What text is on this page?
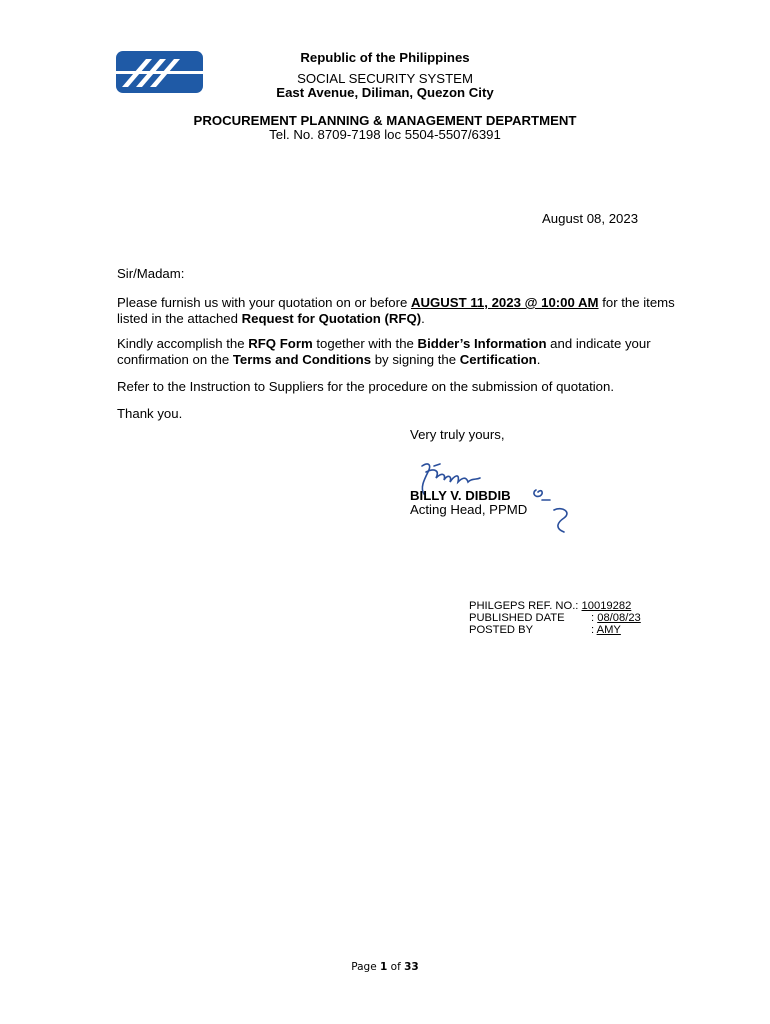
Republic of the Philippines
SOCIAL SECURITY SYSTEM
East Avenue, Diliman, Quezon City
PROCUREMENT PLANNING & MANAGEMENT DEPARTMENT
Tel. No. 8709-7198 loc 5504-5507/6391
August 08, 2023
Sir/Madam:
Please furnish us with your quotation on or before AUGUST 11, 2023 @ 10:00 AM for the items listed in the attached Request for Quotation (RFQ).
Kindly accomplish the RFQ Form together with the Bidder’s Information and indicate your confirmation on the Terms and Conditions by signing the Certification.
Refer to the Instruction to Suppliers for the procedure on the submission of quotation.
Thank you.
Very truly yours,
BILLY V. DIBDIB
Acting Head, PPMD
PHILGEPS REF. NO.: 10019282
PUBLISHED DATE : 08/08/23
POSTED BY	: AMY
Page 1 of 33
